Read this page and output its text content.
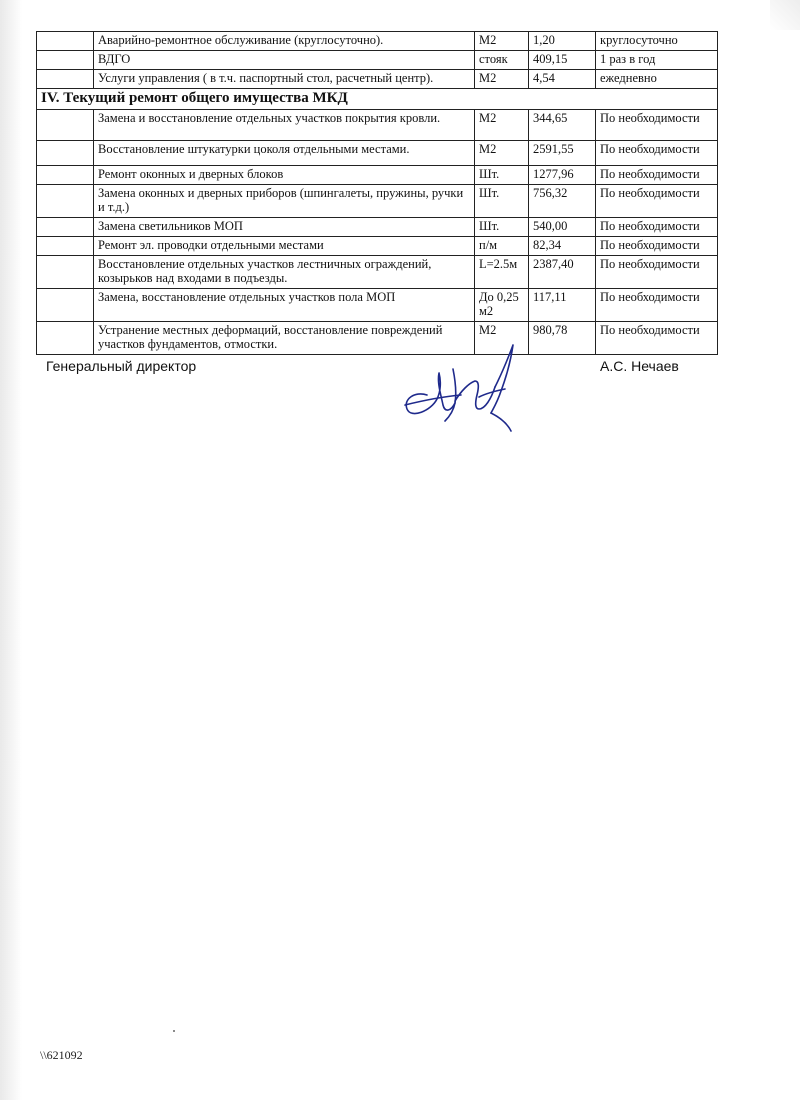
	Аварийно-ремонтное обслуживание (круглосуточно).	М2	1,20	круглосуточно
	ВДГО	стояк	409,15	1 раз в год
	Услуги управления ( в т.ч. паспортный стол, расчетный центр).	М2	4,54	ежедневно
IV. Текущий ремонт общего имущества МКД				
	Замена и восстановление отдельных участков покрытия кровли.	М2	344,65	По необходимости
	Восстановление штукатурки цоколя отдельными местами.	М2	2591,55	По необходимости
	Ремонт оконных и дверных блоков	Шт.	1277,96	По необходимости
	Замена оконных и дверных приборов (шпингалеты, пружины, ручки и т.д.)	Шт.	756,32	По необходимости
	Замена светильников МОП	Шт.	540,00	По необходимости
	Ремонт эл. проводки отдельными местами	п/м	82,34	По необходимости
	Восстановление отдельных участков лестничных ограждений, козырьков над входами в подъезды.	L=2.5м	2387,40	По необходимости
	Замена, восстановление отдельных участков пола МОП	До 0,25 м2	117,11	По необходимости
	Устранение местных деформаций, восстановление повреждений участков фундаментов, отмостки.	М2	980,78	По необходимости
Генеральный директор	А.С. Нечаев
\\621092
